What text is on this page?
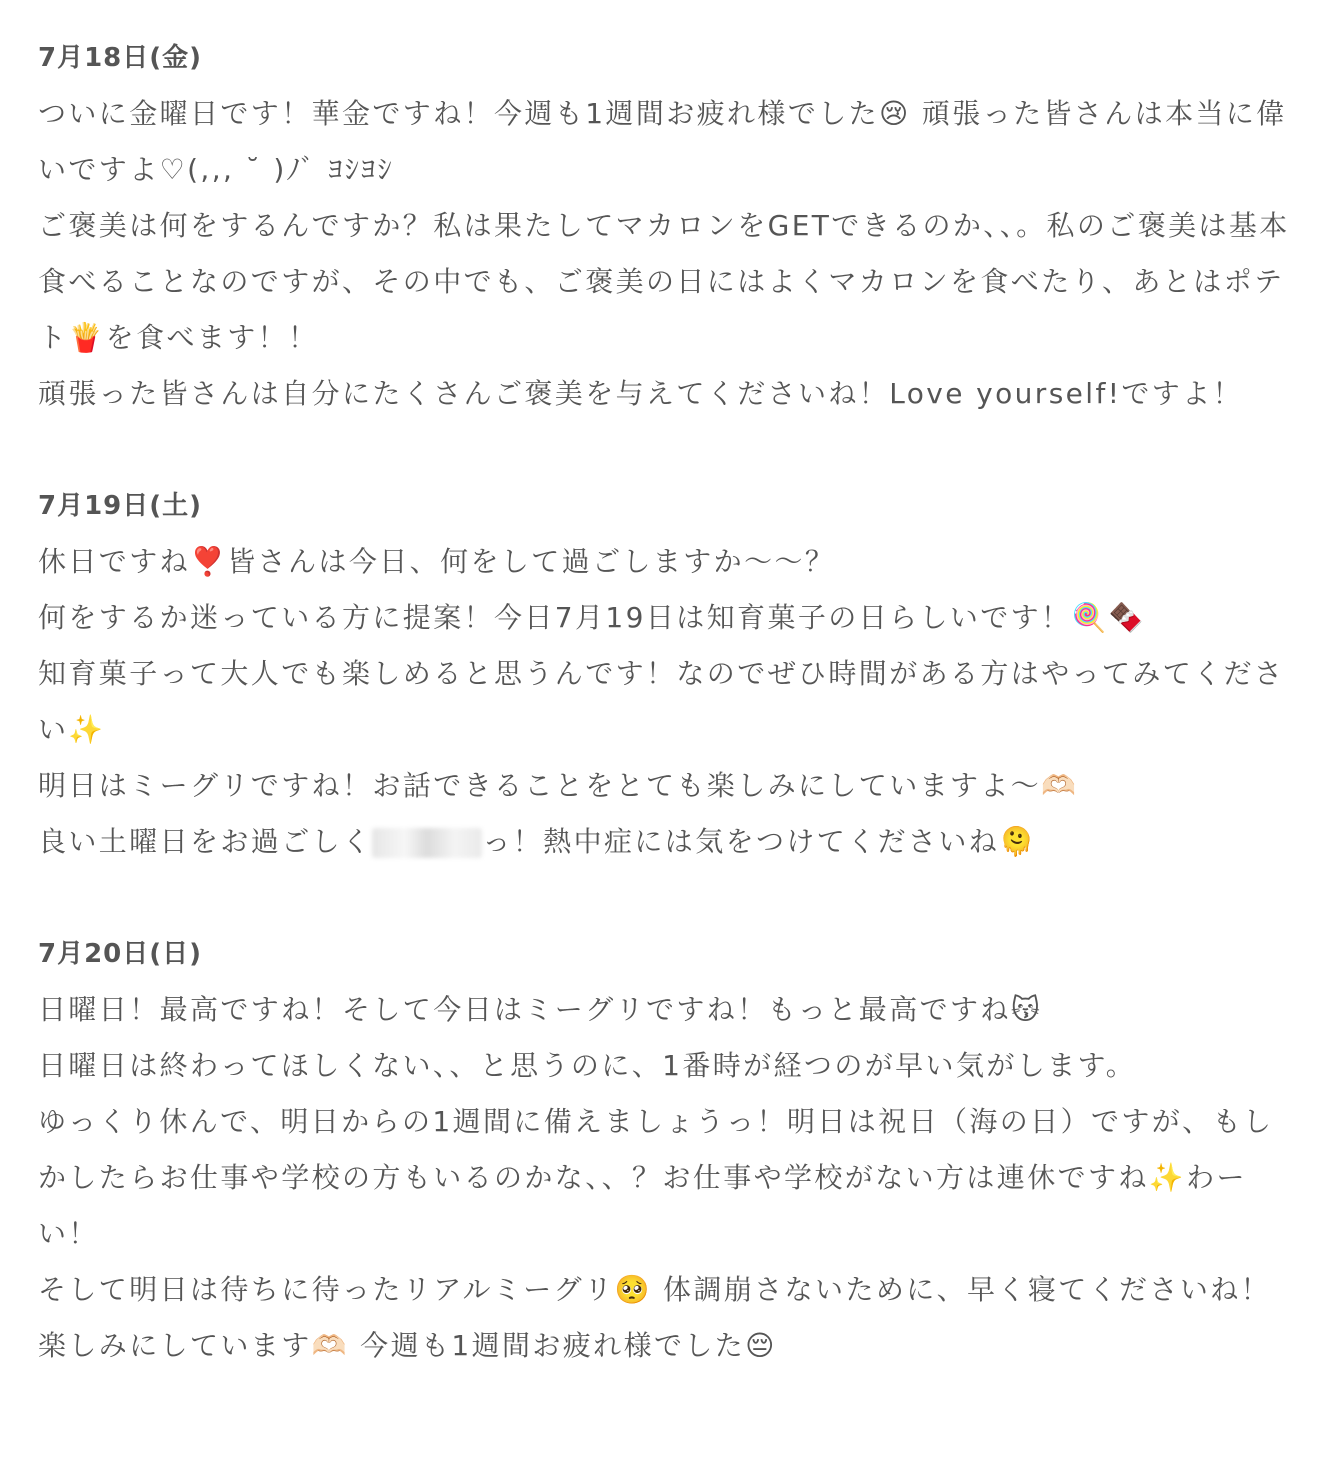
7月18日(金)

ついに金曜日です！華金ですね！今週も1週間お疲れ様でした😢 頑張った皆さんは本当に偉いですよ♡(,,, ˘ )ﾉﾞ ﾖｼﾖｼ

ご褒美は何をするんですか？私は果たしてマカロンをGETできるのか、、。私のご褒美は基本食べることなのですが、その中でも、ご褒美の日にはよくマカロンを食べたり、あとはポテト🍟を食べます！！

頑張った皆さんは自分にたくさんご褒美を与えてくださいね！Love yourself!ですよ！

7月19日(土)

休日ですね❣️皆さんは今日、何をして過ごしますか〜〜？

何をするか迷っている方に提案！今日7月19日は知育菓子の日らしいです！🍭🍫

知育菓子って大人でも楽しめると思うんです！なのでぜひ時間がある方はやってみてください✨

明日はミーグリですね！お話できることをとても楽しみにしていますよ〜🫶🏻

良い土曜日をお過ごしく	っ！熱中症には気をつけてくださいね🫠

7月20日(日)

日曜日！最高ですね！そして今日はミーグリですね！もっと最高ですね😽

日曜日は終わってほしくない、、と思うのに、1番時が経つのが早い気がします。

ゆっくり休んで、明日からの1週間に備えましょうっ！明日は祝日（海の日）ですが、もしかしたらお仕事や学校の方もいるのかな、、？お仕事や学校がない方は連休ですね✨わーい！

そして明日は待ちに待ったリアルミーグリ🥺 体調崩さないために、早く寝てくださいね！楽しみにしています🫶🏻 今週も1週間お疲れ様でした😔
